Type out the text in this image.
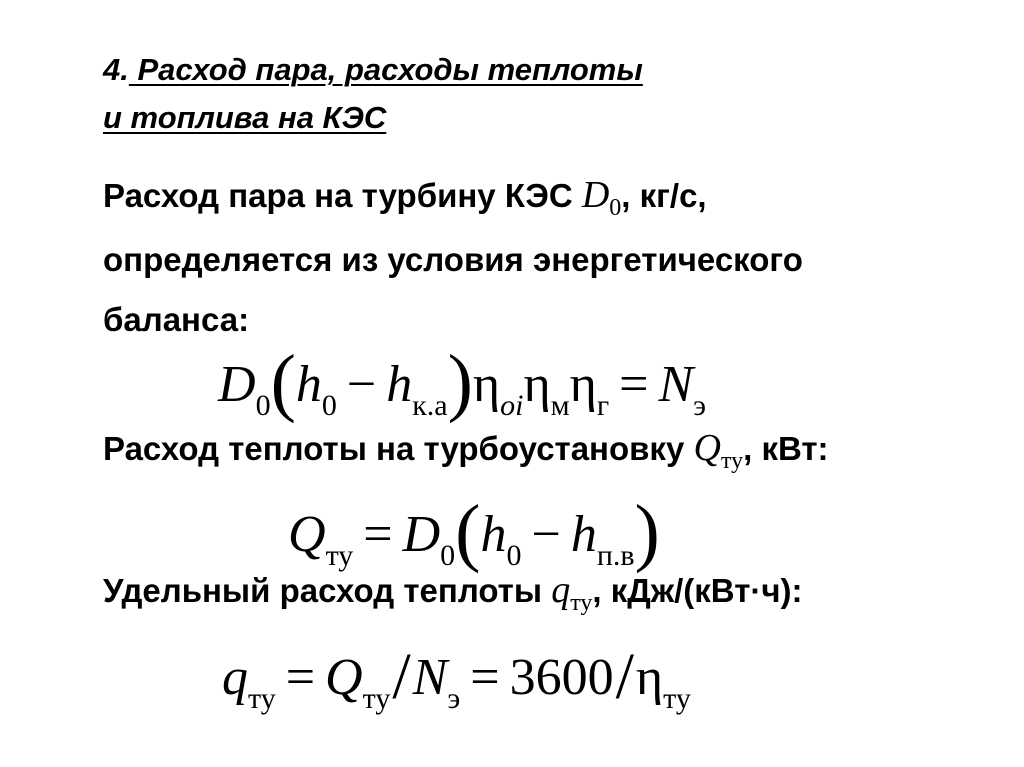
4. Расход пара, расходы теплоты
и топлива на КЭС
Расход пара на турбину КЭС $D_0$, кг/с,
определяется из условия энергетического
баланса:
$D_0(h_0 - h_{к.а})\eta_{oi}\eta_м\eta_г = N_э$
Расход теплоты на турбоустановку $Q_{ту}$, кВт:
$Q_{ту} = D_0(h_0 - h_{п.в})$
Удельный расход теплоты $q_{ту}$, кДж/(кВт·ч):
$q_{ту} = Q_{ту}/N_э = 3600/\eta_{ту}$
